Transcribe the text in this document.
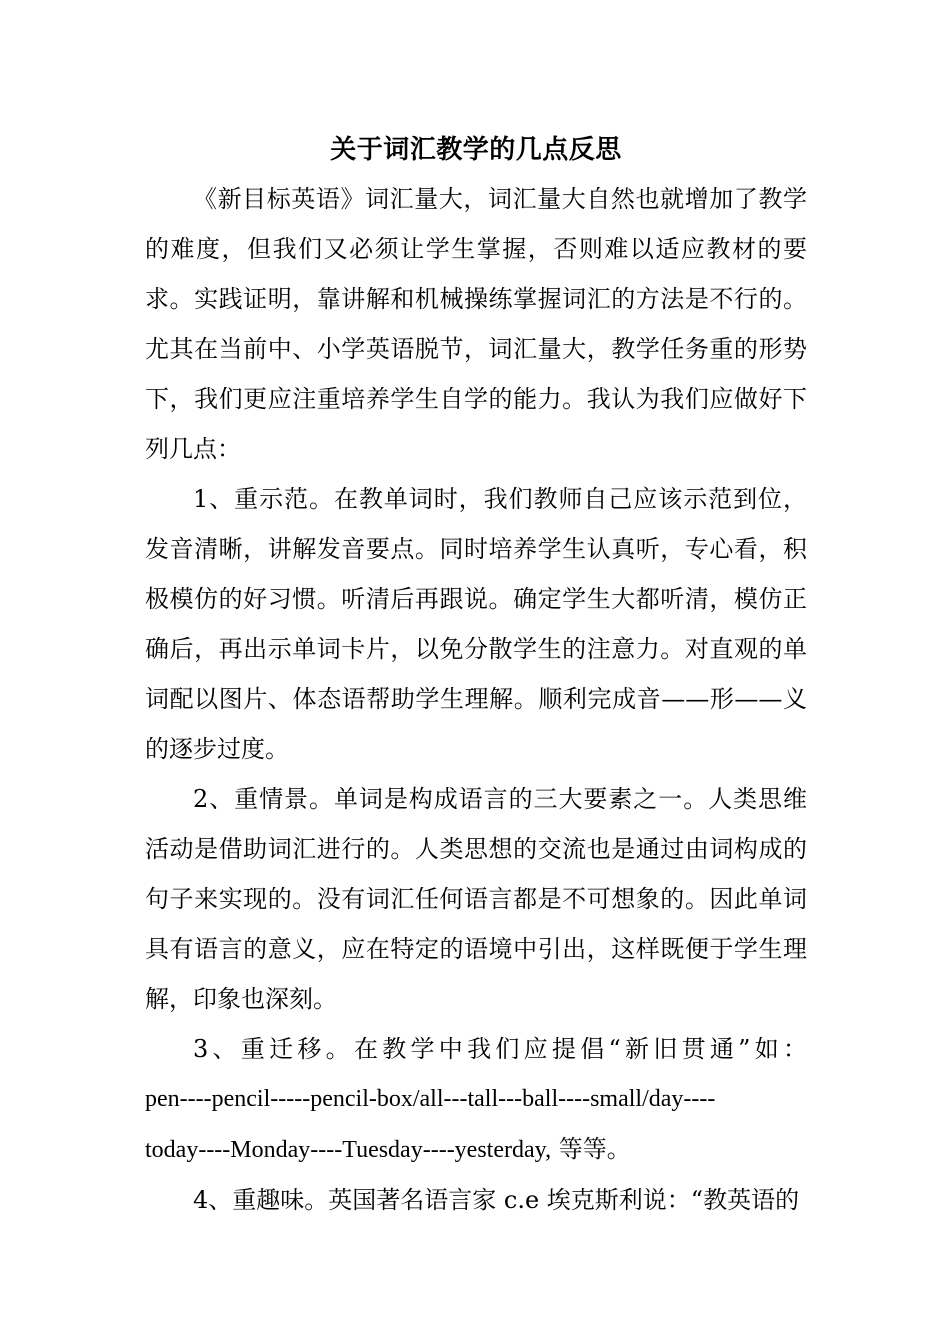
关于词汇教学的几点反思

《新目标英语》词汇量大，词汇量大自然也就增加了教学的难度，但我们又必须让学生掌握，否则难以适应教材的要求。实践证明，靠讲解和机械操练掌握词汇的方法是不行的。尤其在当前中、小学英语脱节，词汇量大，教学任务重的形势下，我们更应注重培养学生自学的能力。我认为我们应做好下列几点：

1、重示范。在教单词时，我们教师自己应该示范到位，发音清晰，讲解发音要点。同时培养学生认真听，专心看，积极模仿的好习惯。听清后再跟说。确定学生大都听清，模仿正确后，再出示单词卡片，以免分散学生的注意力。对直观的单词配以图片、体态语帮助学生理解。顺利完成音——形——义的逐步过度。

2、重情景。单词是构成语言的三大要素之一。人类思维活动是借助词汇进行的。人类思想的交流也是通过由词构成的句子来实现的。没有词汇任何语言都是不可想象的。因此单词具有语言的意义，应在特定的语境中引出，这样既便于学生理解，印象也深刻。

3、重迁移。在教学中我们应提倡“新旧贯通”如：

pen----pencil-----pencil-box/all---tall---ball----small/day----
today----Monday----Tuesday----yesterday, 等等。

4、重趣味。英国著名语言家 c.e 埃克斯利说：“教英语的
